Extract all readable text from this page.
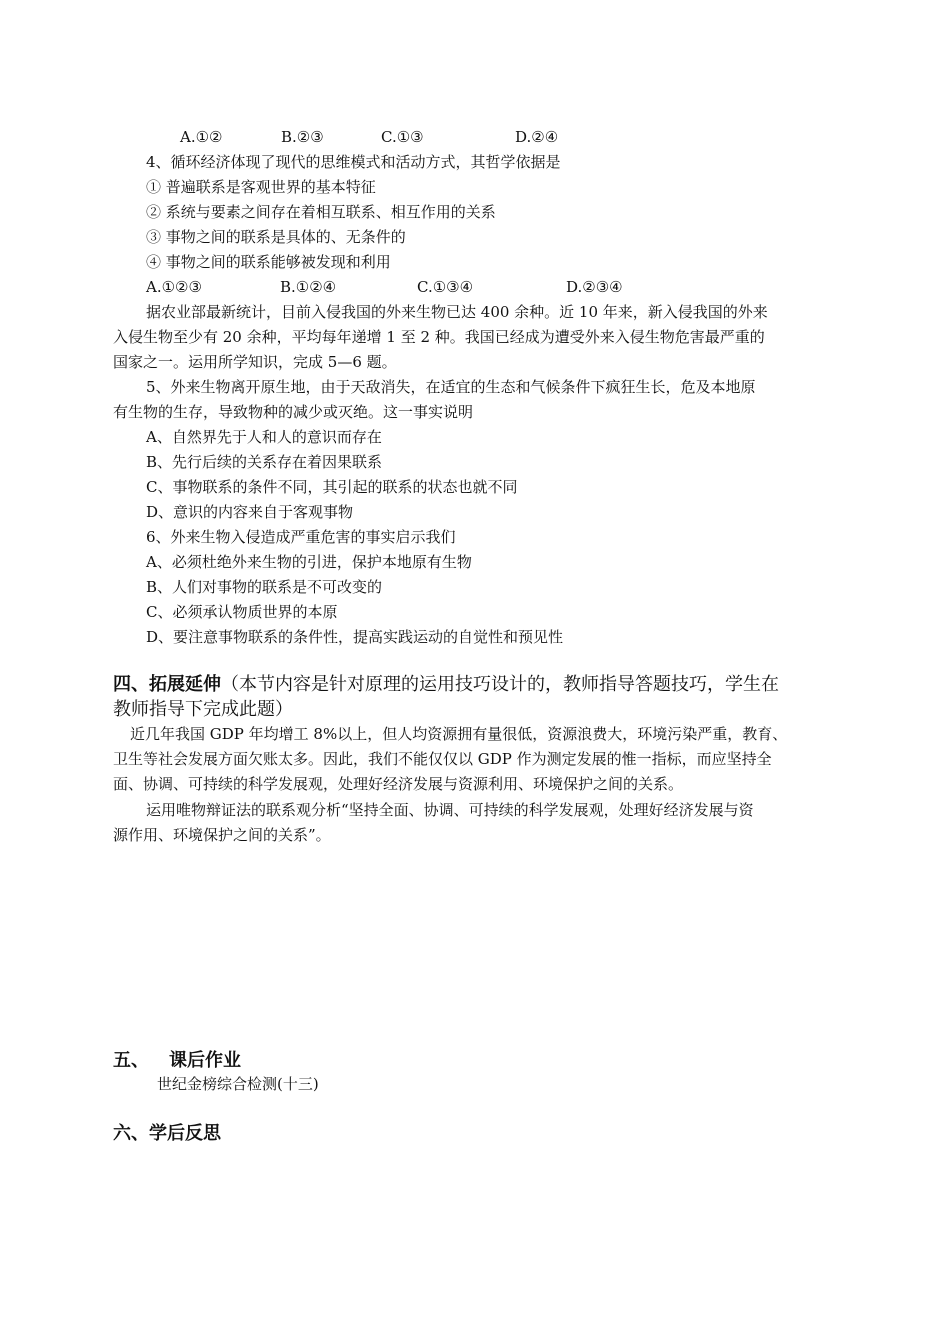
A.①②	B.②③	C.①③	D.②④
4、循环经济体现了现代的思维模式和活动方式，其哲学依据是
① 普遍联系是客观世界的基本特征
② 系统与要素之间存在着相互联系、相互作用的关系
③ 事物之间的联系是具体的、无条件的
④ 事物之间的联系能够被发现和利用
A.①②③	B.①②④	C.①③④	D.②③④
据农业部最新统计，目前入侵我国的外来生物已达 400 余种。近 10 年来，新入侵我国的外来
入侵生物至少有 20 余种，平均每年递增 1 至 2 种。我国已经成为遭受外来入侵生物危害最严重的
国家之一。运用所学知识，完成 5—6 题。
5、外来生物离开原生地，由于天敌消失，在适宜的生态和气候条件下疯狂生长，危及本地原
有生物的生存，导致物种的减少或灭绝。这一事实说明
A、自然界先于人和人的意识而存在
B、先行后续的关系存在着因果联系
C、事物联系的条件不同，其引起的联系的状态也就不同
D、意识的内容来自于客观事物
6、外来生物入侵造成严重危害的事实启示我们
A、必须杜绝外来生物的引进，保护本地原有生物
B、人们对事物的联系是不可改变的
C、必须承认物质世界的本原
D、要注意事物联系的条件性，提高实践运动的自觉性和预见性
四、拓展延伸（本节内容是针对原理的运用技巧设计的，教师指导答题技巧，学生在
教师指导下完成此题）
近几年我国 GDP 年均增工 8%以上，但人均资源拥有量很低，资源浪费大，环境污染严重，教育、
卫生等社会发展方面欠账太多。因此，我们不能仅仅以 GDP 作为测定发展的惟一指标，而应坚持全
面、协调、可持续的科学发展观，处理好经济发展与资源利用、环境保护之间的关系。
运用唯物辩证法的联系观分析“坚持全面、协调、可持续的科学发展观，处理好经济发展与资
源作用、环境保护之间的关系”。
五、 课后作业
世纪金榜综合检测(十三)
六、学后反思
